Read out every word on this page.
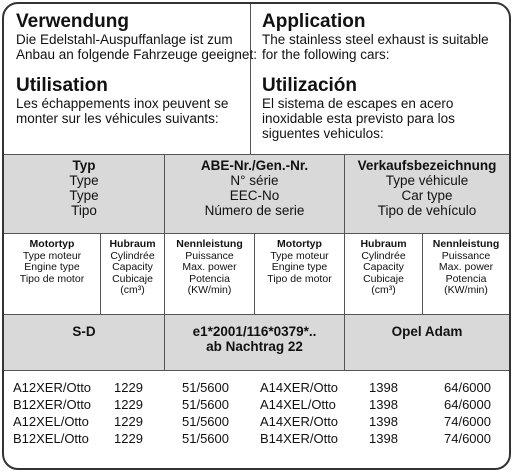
Verwendung

Die Edelstahl-Auspuffanlage ist zum

Anbau an folgende Fahrzeuge geeignet:

Application

The stainless steel exhaust is suitable

for the following cars:

Utilisation

Les échappements inox peuvent se

monter sur les véhicules suivants:

Utilización

El sistema de escapes en acero

inoxidable esta previsto para los

siguentes vehiculos:

Typ
Type
Type
Tipo
ABE-Nr./Gen.-Nr.
N° série
EEC-No
Número de serie
Verkaufsbezeichnung
Type véhicule
Car type
Tipo de vehículo
Motortyp
Type moteur
Engine type
Tipo de motor
Hubraum
Cylindrée
Capacity
Cubicaje
(cm³)
Nennleistung
Puissance
Max. power
Potencia
(KW/min)
Motortyp
Type moteur
Engine type
Tipo de motor
Hubraum
Cylindrée
Capacity
Cubicaje
(cm³)
Nennleistung
Puissance
Max. power
Potencia
(KW/min)
S-D	e1*2001/116*0379*..
ab Nachtrag 22
Opel Adam
A12XER/Otto
B12XER/Otto
A12XEL/Otto
B12XEL/Otto
1229
1229
1229
1229
51/5600
51/5600
51/5600
51/5600
A14XER/Otto
A14XEL/Otto
A14XER/Otto
B14XER/Otto
1398
1398
1398
1398
64/6000
64/6000
74/6000
74/6000
